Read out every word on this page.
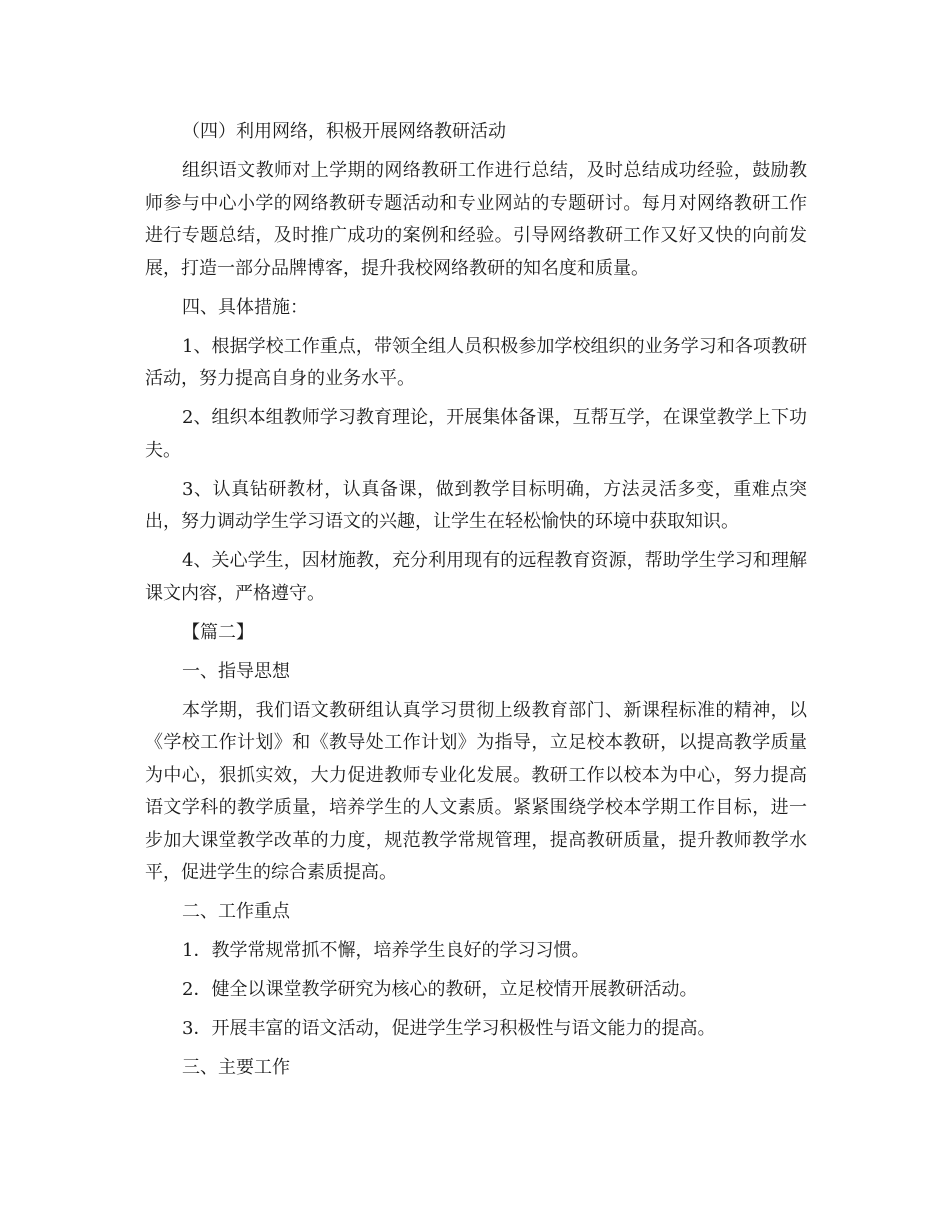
（四）利用网络，积极开展网络教研活动

组织语文教师对上学期的网络教研工作进行总结，及时总结成功经验，鼓励教师参与中心小学的网络教研专题活动和专业网站的专题研讨。每月对网络教研工作进行专题总结，及时推广成功的案例和经验。引导网络教研工作又好又快的向前发展，打造一部分品牌博客，提升我校网络教研的知名度和质量。

四、具体措施：

1、根据学校工作重点，带领全组人员积极参加学校组织的业务学习和各项教研活动，努力提高自身的业务水平。

2、组织本组教师学习教育理论，开展集体备课，互帮互学，在课堂教学上下功夫。

3、认真钻研教材，认真备课，做到教学目标明确，方法灵活多变，重难点突出，努力调动学生学习语文的兴趣，让学生在轻松愉快的环境中获取知识。

4、关心学生，因材施教，充分利用现有的远程教育资源，帮助学生学习和理解课文内容，严格遵守。

【篇二】

一、指导思想

本学期，我们语文教研组认真学习贯彻上级教育部门、新课程标准的精神，以《学校工作计划》和《教导处工作计划》为指导，立足校本教研，以提高教学质量为中心，狠抓实效，大力促进教师专业化发展。教研工作以校本为中心，努力提高语文学科的教学质量，培养学生的人文素质。紧紧围绕学校本学期工作目标，进一步加大课堂教学改革的力度，规范教学常规管理，提高教研质量，提升教师教学水平，促进学生的综合素质提高。

二、工作重点

1．教学常规常抓不懈，培养学生良好的学习习惯。

2．健全以课堂教学研究为核心的教研，立足校情开展教研活动。

3．开展丰富的语文活动，促进学生学习积极性与语文能力的提高。

三、主要工作
